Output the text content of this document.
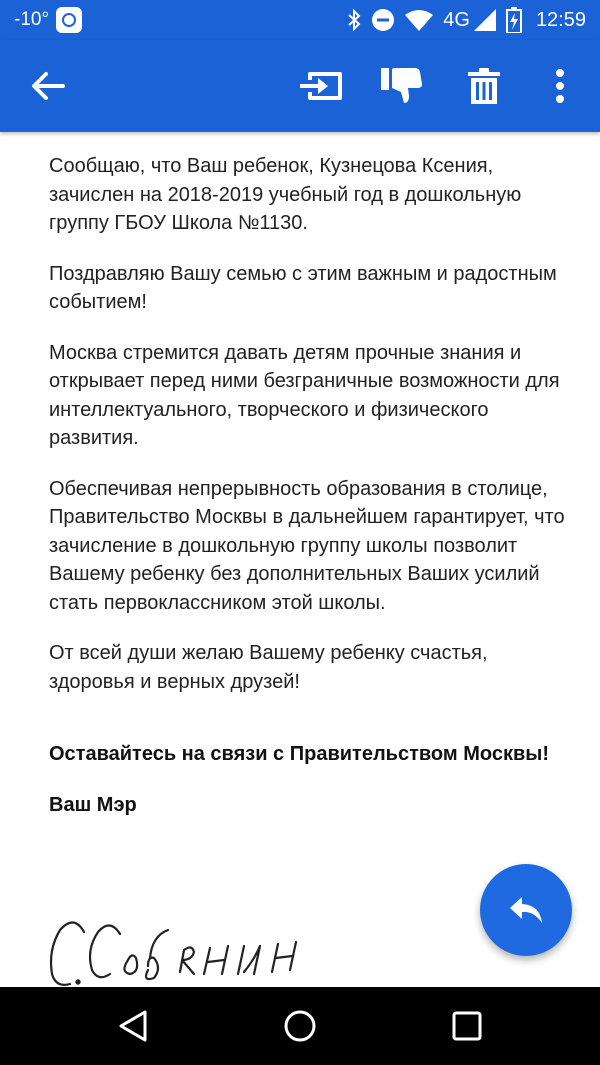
-10°	4G	12:59

Сообщаю, что Ваш ребенок, Кузнецова Ксения, зачислен на 2018-2019 учебный год в дошкольную группу ГБОУ Школа №1130.

Поздравляю Вашу семью с этим важным и радостным событием!

Москва стремится давать детям прочные знания и открывает перед ними безграничные возможности для интеллектуального, творческого и физического развития.

Обеспечивая непрерывность образования в столице, Правительство Москвы в дальнейшем гарантирует, что зачисление в дошкольную группу школы позволит Вашему ребенку без дополнительных Ваших усилий стать первоклассником этой школы.

От всей души желаю Вашему ребенку счастья, здоровья и верных друзей!

Оставайтесь на связи с Правительством Москвы!

Ваш Мэр
